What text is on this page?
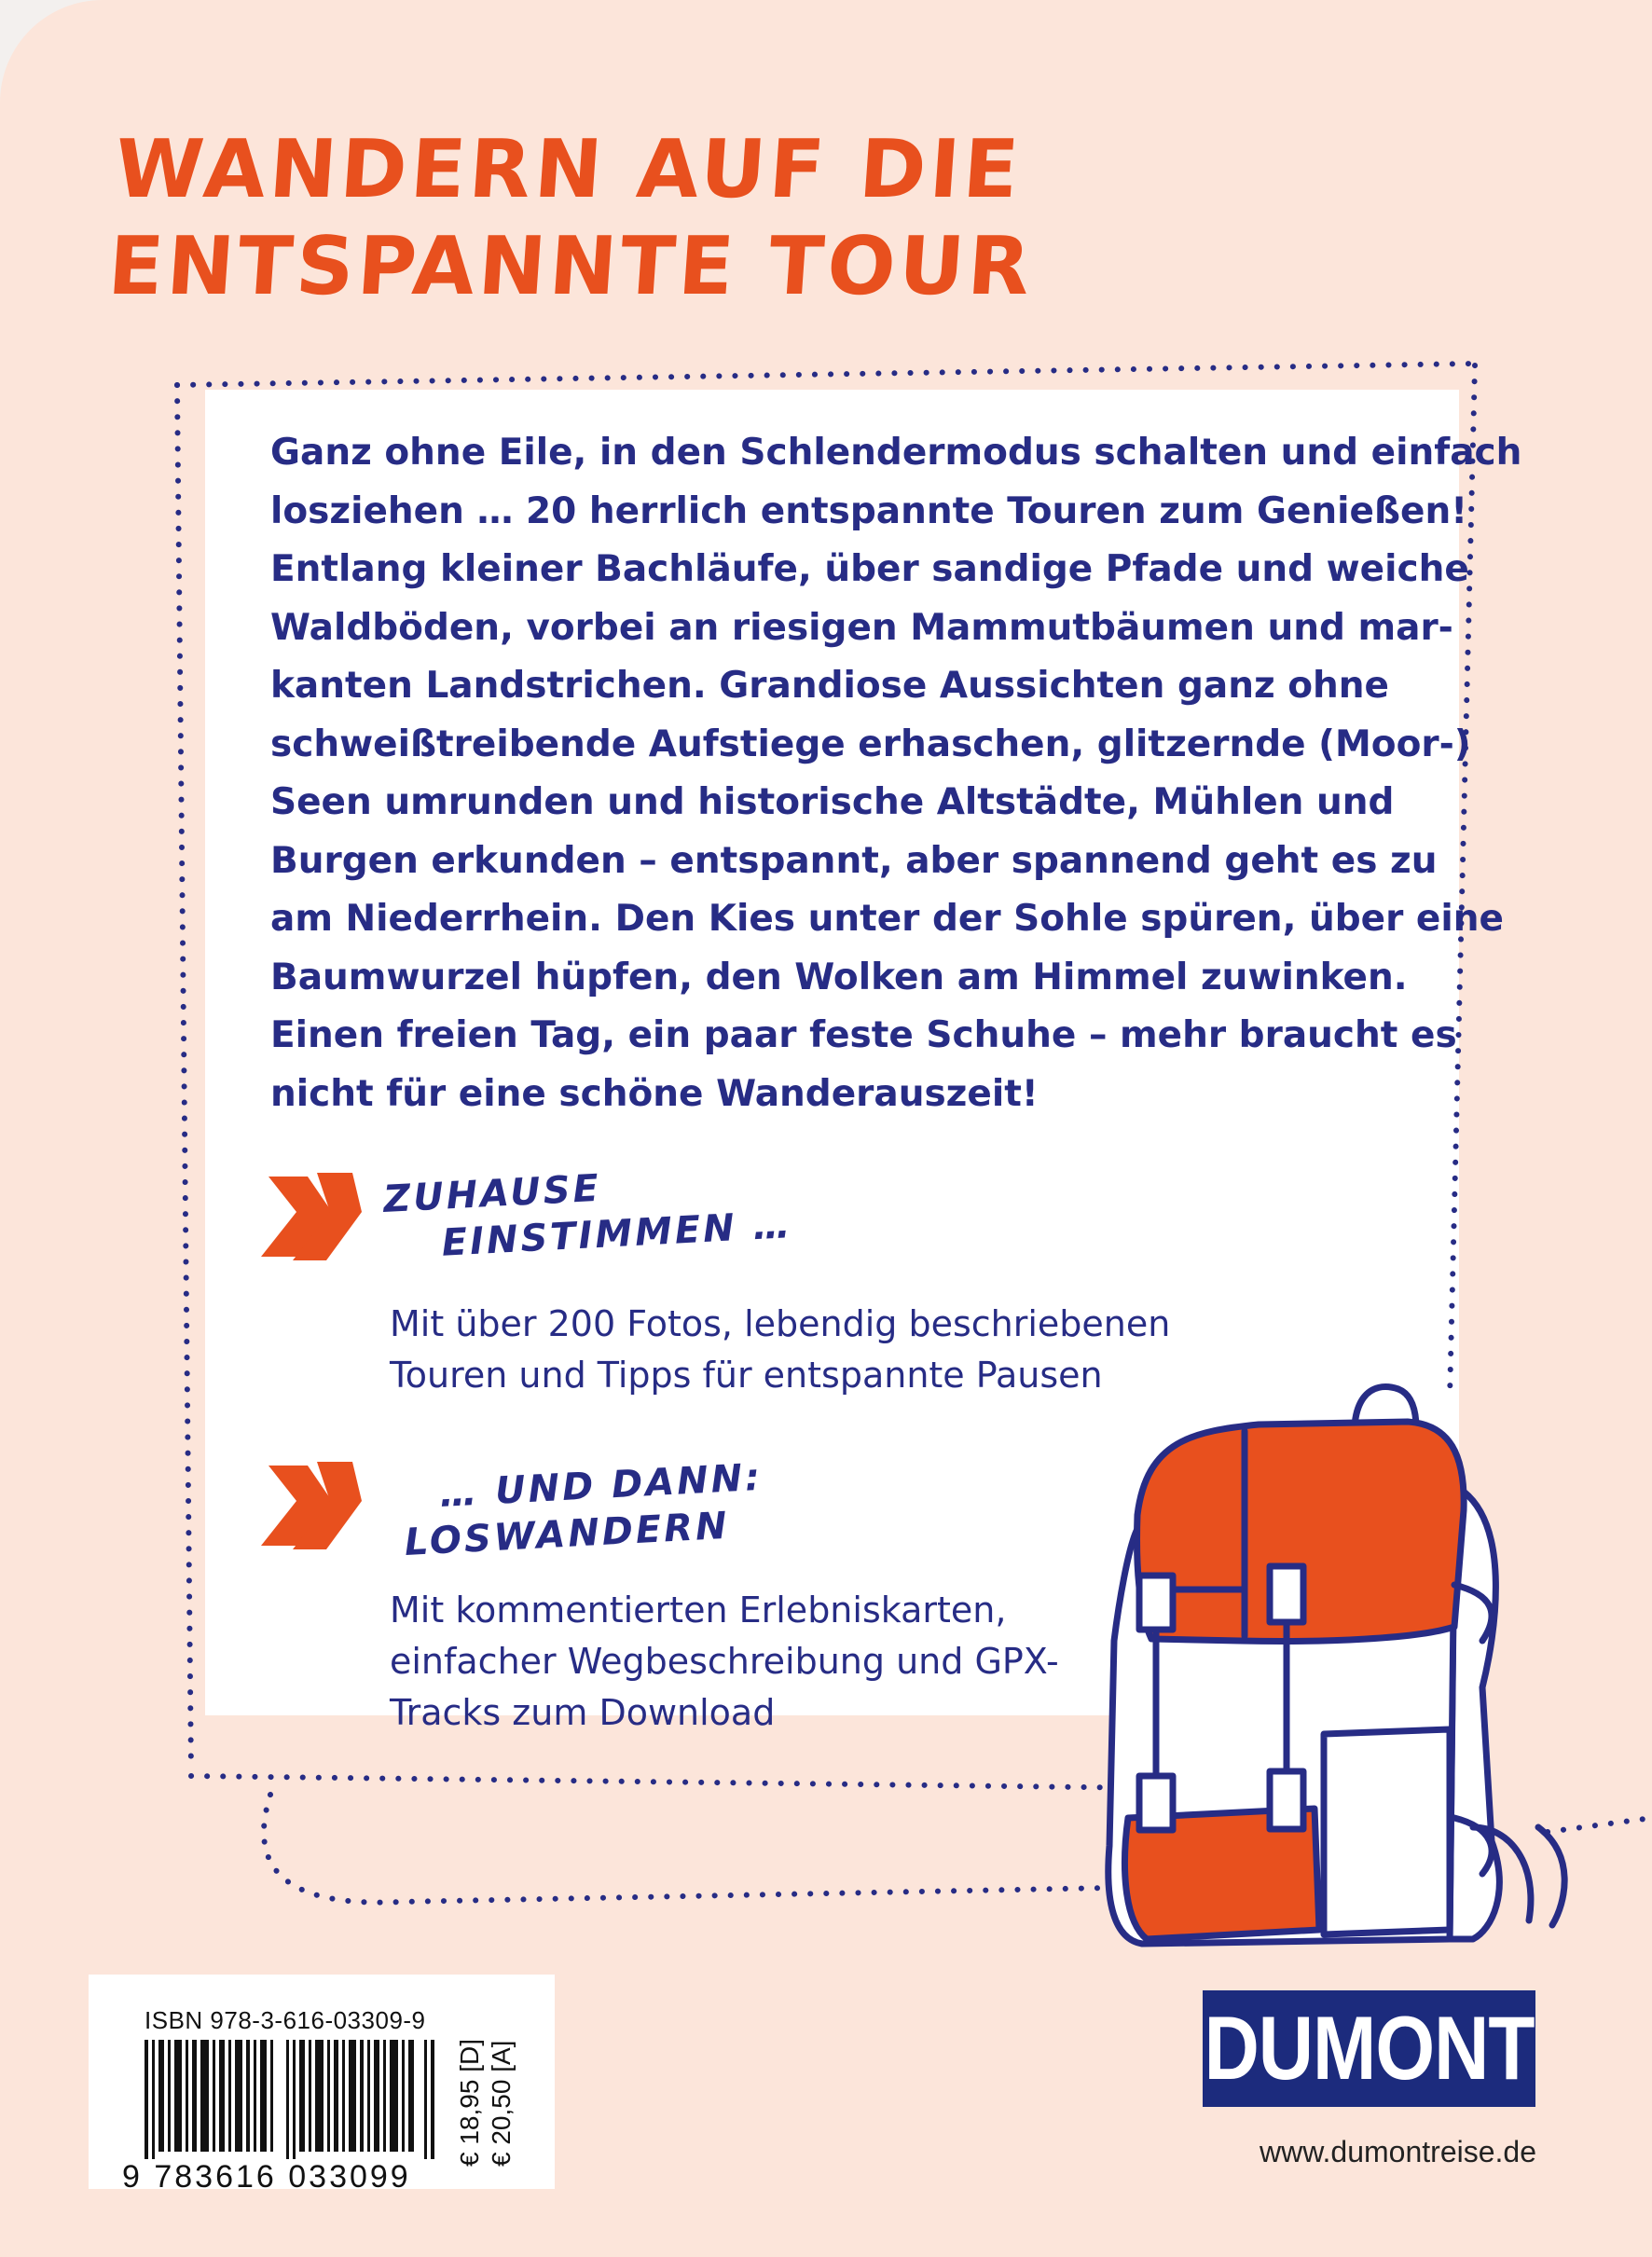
WANDERN AUF DIE
ENTSPANNTE TOUR

Ganz ohne Eile, in den Schlendermodus schalten und einfach
losziehen … 20 herrlich entspannte Touren zum Genießen!
Entlang kleiner Bachläufe, über sandige Pfade und weiche
Waldböden, vorbei an riesigen Mammutbäumen und mar-
kanten Landstrichen. Grandiose Aussichten ganz ohne
schweißtreibende Aufstiege erhaschen, glitzernde (Moor-)
Seen umrunden und historische Altstädte, Mühlen und
Burgen erkunden – entspannt, aber spannend geht es zu
am Niederrhein. Den Kies unter der Sohle spüren, über eine
Baumwurzel hüpfen, den Wolken am Himmel zuwinken.
Einen freien Tag, ein paar feste Schuhe – mehr braucht es
nicht für eine schöne Wanderauszeit!

ZUHAUSE
EINSTIMMEN …

Mit über 200 Fotos, lebendig beschriebenen
Touren und Tipps für entspannte Pausen

… UND DANN:
LOSWANDERN

Mit kommentierten Erlebniskarten,
einfacher Wegbeschreibung und GPX-
Tracks zum Download

ISBN 978-3-616-03309-9

9 783616 033099

€ 18,95 [D] € 20,50 [A]	DUMONT

www.dumontreise.de
